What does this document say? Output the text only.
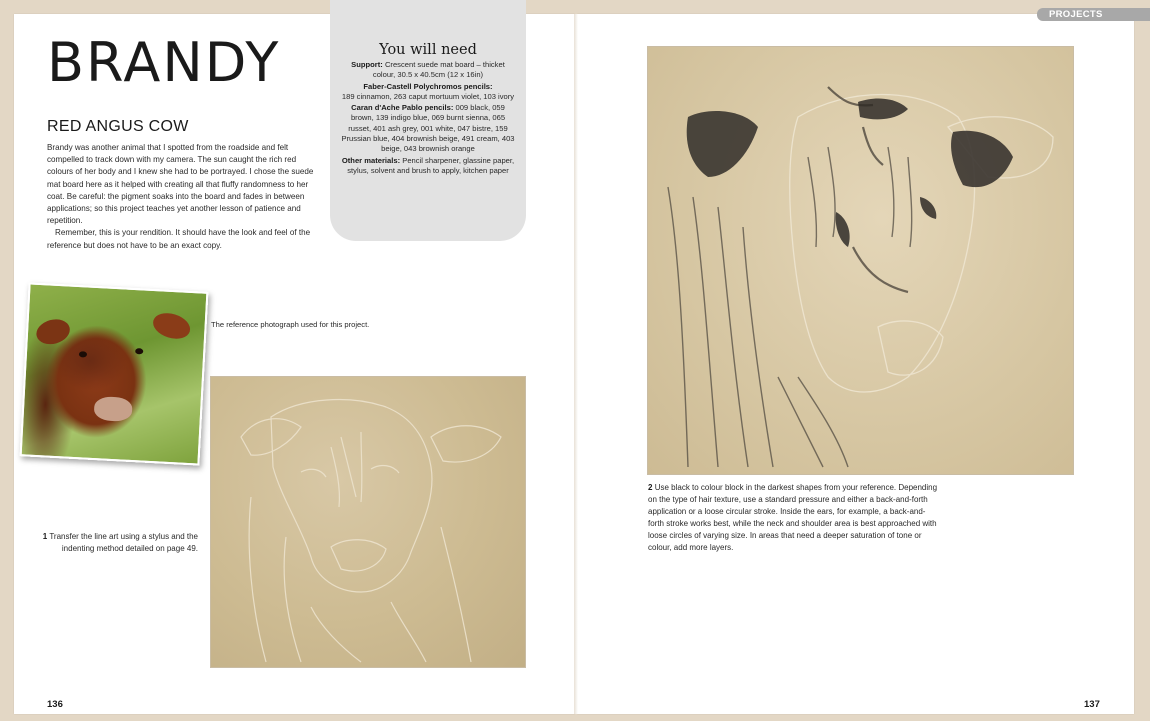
PROJECTS
BRANDY
RED ANGUS COW

Brandy was another animal that I spotted from the roadside and felt compelled to track down with my camera. The sun caught the rich red colours of her body and I knew she had to be portrayed. I chose the suede mat board here as it helped with creating all that fluffy randomness to her coat. Be careful: the pigment soaks into the board and fades in between applications; so this project teaches yet another lesson of patience and repetition.

Remember, this is your rendition. It should have the look and feel of the reference but does not have to be an exact copy.

You will need

Support: Crescent suede mat board – thicket colour, 30.5 x 40.5cm (12 x 16in)

Faber-Castell Polychromos pencils:
189 cinnamon, 263 caput mortuum violet, 103 ivory

Caran d'Ache Pablo pencils: 009 black, 059 brown, 139 indigo blue, 069 burnt sienna, 065 russet, 401 ash grey, 001 white, 047 bistre, 159 Prussian blue, 404 brownish beige, 491 cream, 403 beige, 043 brownish orange

Other materials: Pencil sharpener, glassine paper, stylus, solvent and brush to apply, kitchen paper

The reference photograph used for this project.

1 Transfer the line art using a stylus and the indenting method detailed on page 49.
2 Use black to colour block in the darkest shapes from your reference. Depending on the type of hair texture, use a standard pressure and either a back-and-forth application or a loose circular stroke. Inside the ears, for example, a back-and-forth stroke works best, while the neck and shoulder area is best approached with loose circles of varying size. In areas that need a deeper saturation of tone or colour, add more layers.
136	137
